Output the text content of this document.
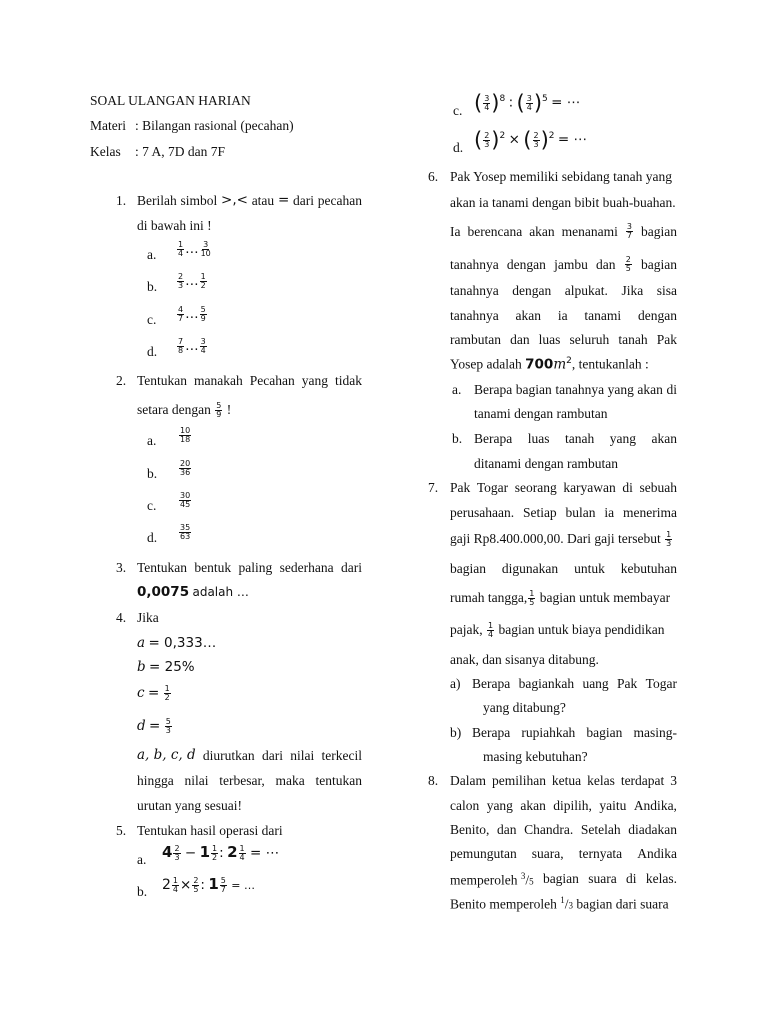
SOAL ULANGAN HARIAN
Materi : Bilangan rasional (pecahan)
Kelas : 7 A, 7D dan 7F
1. Berilah simbol >,< atau = dari pecahan
di bawah ini !
a.	$\frac{1}{4}$ … $\frac{3}{10}$
b. $\frac{2}{3}$ … $\frac{1}{2}$
c.	$\frac{4}{7}$ … $\frac{5}{9}$
d. $\frac{7}{8}$ … $\frac{3}{4}$
2. Tentukan manakah Pecahan yang tidak
setara dengan $\frac{5}{9}$ !
a.	$\frac{10}{18}$
b.	$\frac{20}{36}$
c.	$\frac{30}{45}$
d.	$\frac{35}{63}$
3. Tentukan bentuk paling sederhana dari
0,0075 adalah …
4. Jika
a = 0,333…
b = 25%
$c = \frac{1}{2}$
$d = \frac{5}{3}$
a, b, c, d diurutkan dari nilai terkecil
hingga nilai terbesar, maka tentukan
urutan yang sesuai!
5. Tentukan hasil operasi dari
a. $4 \frac{2}{3} - 1 \frac{1}{2}$ : $2 \frac{1}{4}$ = ⋯
b. $2 \frac{1}{4} \times \frac{2}{5}$ : $1 \frac{5}{7}$ = …
c. ( $\frac{3}{4} )^8$ : ( $\frac{3}{4} )^5$ = ⋯
d. ( $\frac{2}{3} )^2$ × ( $\frac{2}{3} )^2$ = ⋯
6. Pak Yosep memiliki sebidang tanah yang
akan ia tanami dengan bibit buah-buahan.
Ia berencana akan menanami 3
7 bagian
tanahnya dengan jambu dan 2
5 bagian
tanahnya dengan alpukat. Jika sisa
tanahnya akan ia tanami dengan
rambutan dan luas seluruh tanah Pak
Yosep adalah $700m^2$, tentukanlah :
a. Berapa bagian tanahnya yang akan di
tanami dengan rambutan
b. Berapa luas tanah yang akan
ditanami dengan rambutan
7. Pak Togar seorang karyawan di sebuah
perusahaan. Setiap bulan ia menerima
gaji Rp8.400.000,00. Dari gaji tersebut $\frac{1}{3}$
bagian digunakan untuk kebutuhan
rumah tangga, $\frac{1}{5}$ bagian untuk membayar
pajak, $\frac{1}{4}$ bagian untuk biaya pendidikan
anak, dan sisanya ditabung.
a) Berapa bagiankah uang Pak Togar
yang ditabung?
b) Berapa rupiahkah bagian masing-
masing kebutuhan?
8. Dalam pemilihan ketua kelas terdapat 3
calon yang akan dipilih, yaitu Andika,
Benito, dan Chandra. Setelah diadakan
pemungutan suara, ternyata Andika
memperoleh $^3$/5 bagian suara di kelas.
Benito memperoleh $^1$/3 bagian dari suara
